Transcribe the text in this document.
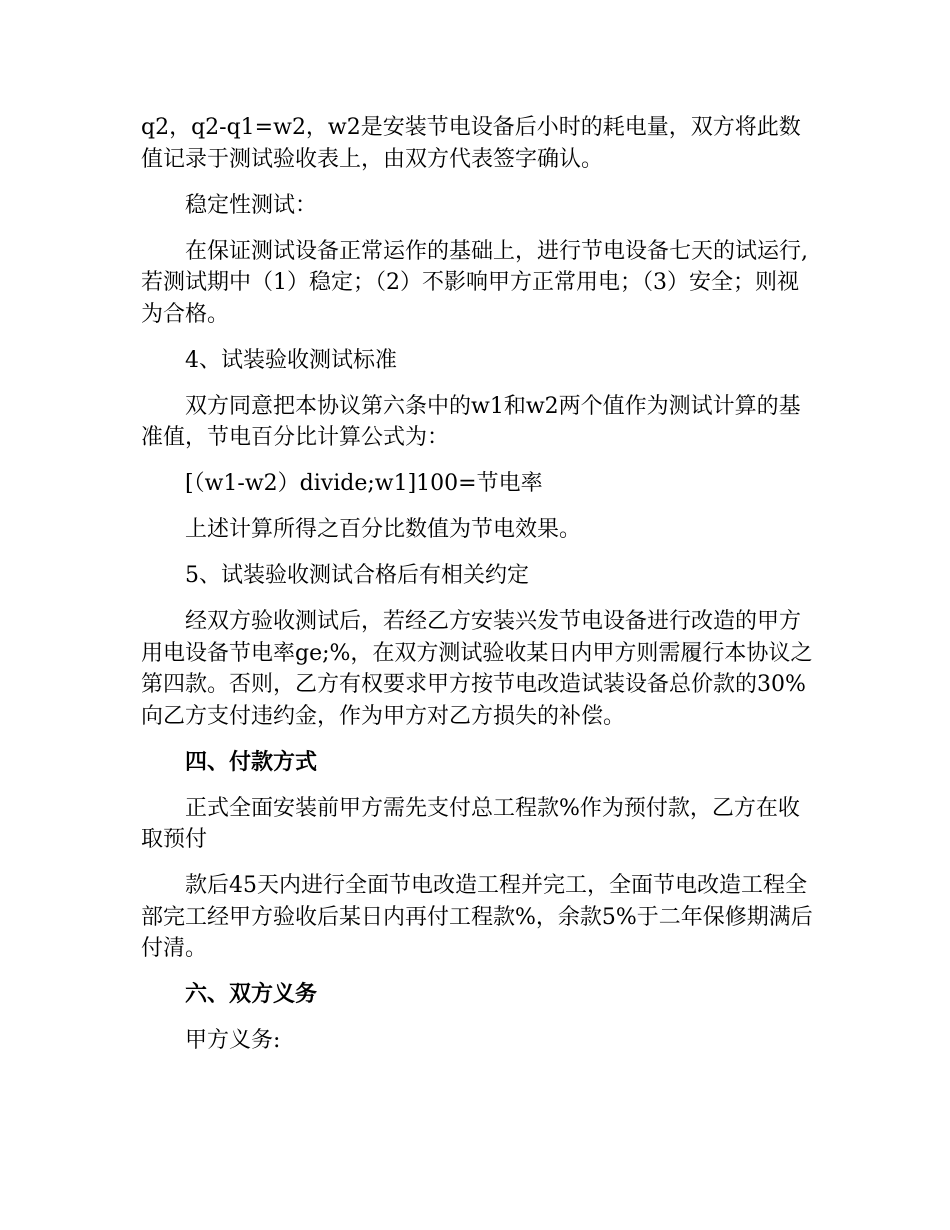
q2，q2-q1=w2，w2是安装节电设备后小时的耗电量，双方将此数值记录于测试验收表上，由双方代表签字确认。

稳定性测试：

在保证测试设备正常运作的基础上，进行节电设备七天的试运行,若测试期中（1）稳定；（2）不影响甲方正常用电；（3）安全；则视为合格。

4、试装验收测试标准

双方同意把本协议第六条中的w1和w2两个值作为测试计算的基准值，节电百分比计算公式为：

[（w1-w2）divide;w1]100=节电率

上述计算所得之百分比数值为节电效果。

5、试装验收测试合格后有相关约定

经双方验收测试后，若经乙方安装兴发节电设备进行改造的甲方用电设备节电率ge;%，在双方测试验收某日内甲方则需履行本协议之第四款。否则，乙方有权要求甲方按节电改造试装设备总价款的30%向乙方支付违约金，作为甲方对乙方损失的补偿。

四、付款方式

正式全面安装前甲方需先支付总工程款%作为预付款，乙方在收取预付

款后45天内进行全面节电改造工程并完工，全面节电改造工程全部完工经甲方验收后某日内再付工程款%，余款5%于二年保修期满后付清。

六、双方义务

甲方义务:
